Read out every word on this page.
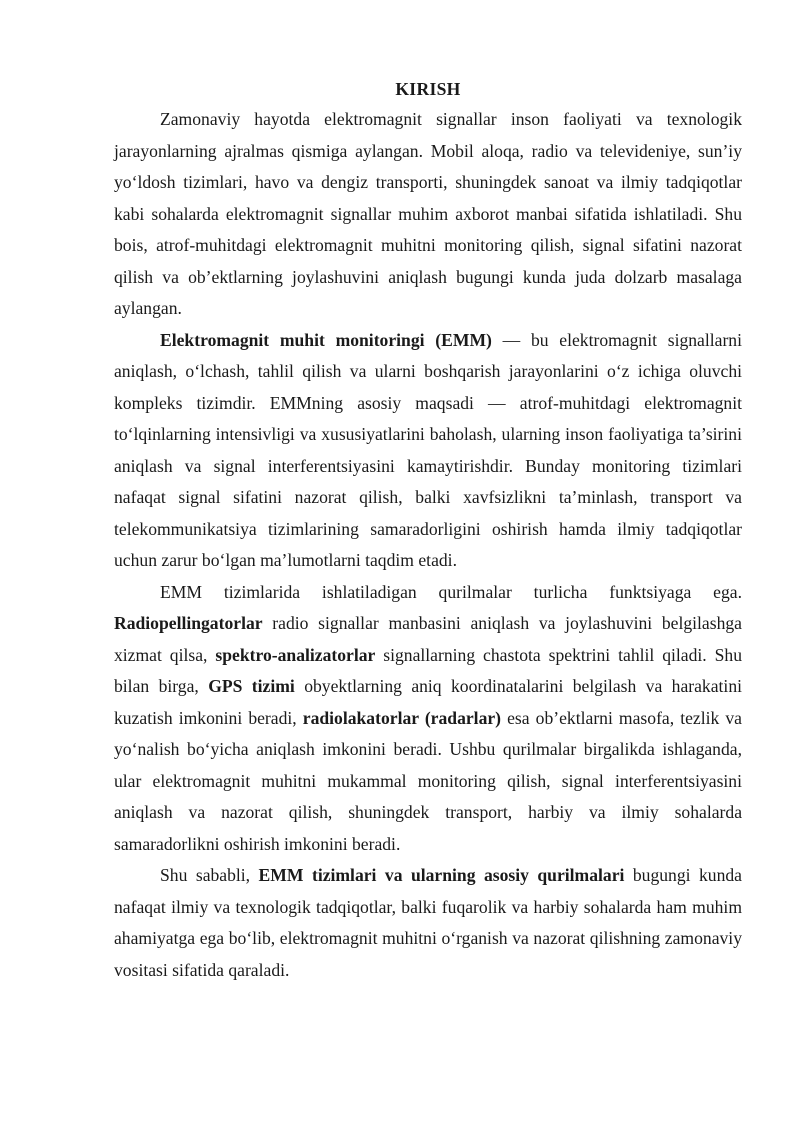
KIRISH

Zamonaviy hayotda elektromagnit signallar inson faoliyati va texnologik jarayonlarning ajralmas qismiga aylangan. Mobil aloqa, radio va televideniye, sun’iy yo‘ldosh tizimlari, havo va dengiz transporti, shuningdek sanoat va ilmiy tadqiqotlar kabi sohalarda elektromagnit signallar muhim axborot manbai sifatida ishlatiladi. Shu bois, atrof-muhitdagi elektromagnit muhitni monitoring qilish, signal sifatini nazorat qilish va ob’ektlarning joylashuvini aniqlash bugungi kunda juda dolzarb masalaga aylangan.

Elektromagnit muhit monitoringi (EMM) — bu elektromagnit signallarni aniqlash, o‘lchash, tahlil qilish va ularni boshqarish jarayonlarini o‘z ichiga oluvchi kompleks tizimdir. EMMning asosiy maqsadi — atrof-muhitdagi elektromagnit to‘lqinlarning intensivligi va xususiyatlarini baholash, ularning inson faoliyatiga ta’sirini aniqlash va signal interferentsiyasini kamaytirishdir. Bunday monitoring tizimlari nafaqat signal sifatini nazorat qilish, balki xavfsizlikni ta’minlash, transport va telekommunikatsiya tizimlarining samaradorligini oshirish hamda ilmiy tadqiqotlar uchun zarur bo‘lgan ma’lumotlarni taqdim etadi.

EMM tizimlarida ishlatiladigan qurilmalar turlicha funktsiyaga ega. Radiopellingatorlar radio signallar manbasini aniqlash va joylashuvini belgilashga xizmat qilsa, spektro-analizatorlar signallarning chastota spektrini tahlil qiladi. Shu bilan birga, GPS tizimi obyektlarning aniq koordinatalarini belgilash va harakatini kuzatish imkonini beradi, radiolakatorlar (radarlar) esa ob’ektlarni masofa, tezlik va yo‘nalish bo‘yicha aniqlash imkonini beradi. Ushbu qurilmalar birgalikda ishlaganda, ular elektromagnit muhitni mukammal monitoring qilish, signal interferentsiyasini aniqlash va nazorat qilish, shuningdek transport, harbiy va ilmiy sohalarda samaradorlikni oshirish imkonini beradi.

Shu sababli, EMM tizimlari va ularning asosiy qurilmalari bugungi kunda nafaqat ilmiy va texnologik tadqiqotlar, balki fuqarolik va harbiy sohalarda ham muhim ahamiyatga ega bo‘lib, elektromagnit muhitni o‘rganish va nazorat qilishning zamonaviy vositasi sifatida qaraladi.
